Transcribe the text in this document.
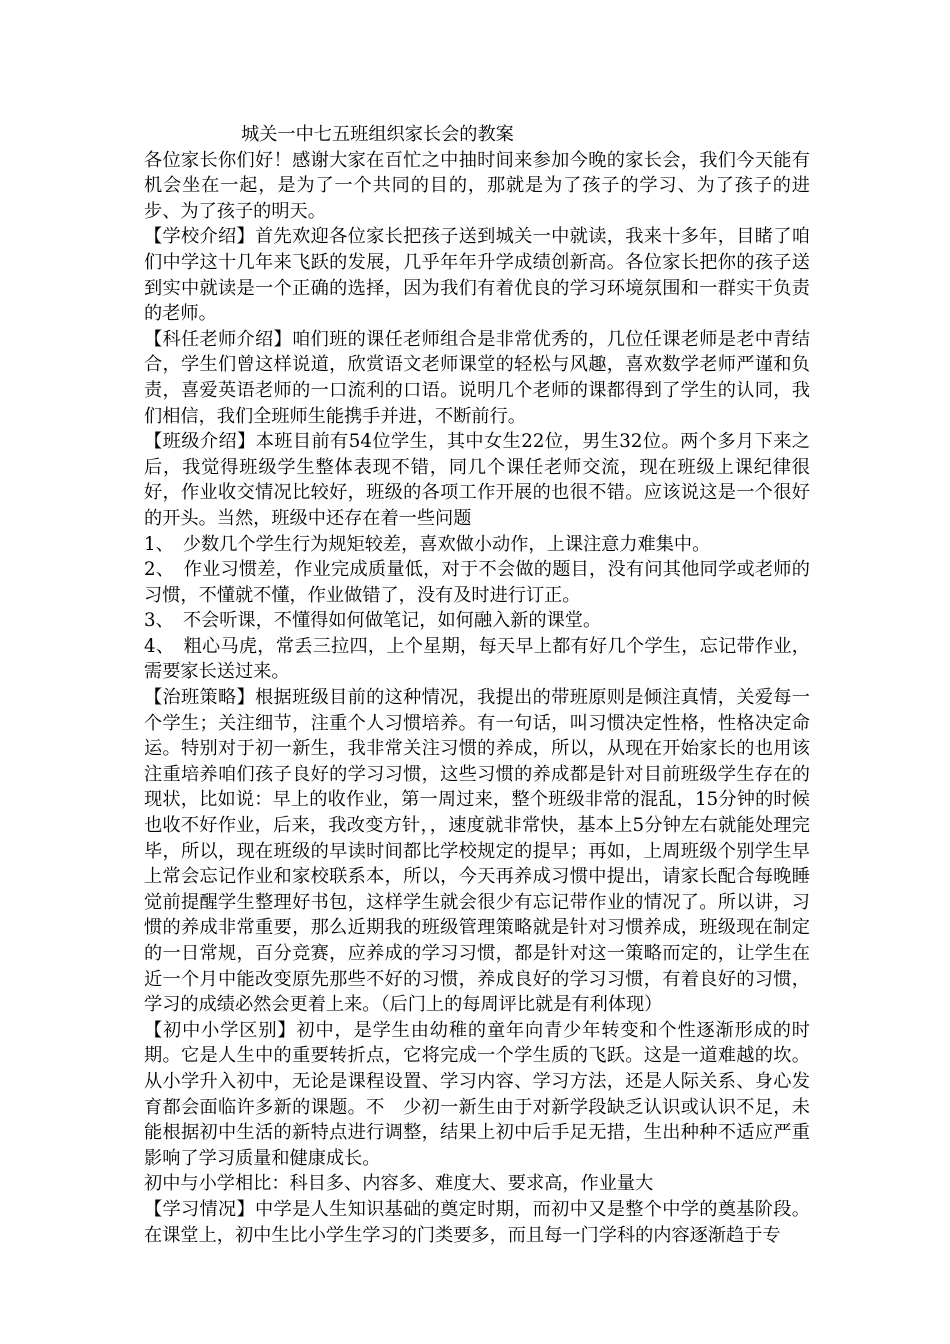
城关一中七五班组织家长会的教案

各位家长你们好！感谢大家在百忙之中抽时间来参加今晚的家长会，我们今天能有机会坐在一起，是为了一个共同的目的，那就是为了孩子的学习、为了孩子的进步、为了孩子的明天。

【学校介绍】首先欢迎各位家长把孩子送到城关一中就读，我来十多年，目睹了咱们中学这十几年来飞跃的发展，几乎年年升学成绩创新高。各位家长把你的孩子送到实中就读是一个正确的选择，因为我们有着优良的学习环境氛围和一群实干负责的老师。

【科任老师介绍】咱们班的课任老师组合是非常优秀的，几位任课老师是老中青结合，学生们曾这样说道，欣赏语文老师课堂的轻松与风趣，喜欢数学老师严谨和负责，喜爱英语老师的一口流利的口语。说明几个老师的课都得到了学生的认同，我们相信，我们全班师生能携手并进，不断前行。

【班级介绍】本班目前有54位学生，其中女生22位，男生32位。两个多月下来之后，我觉得班级学生整体表现不错，同几个课任老师交流，现在班级上课纪律很好，作业收交情况比较好，班级的各项工作开展的也很不错。应该说这是一个很好的开头。当然，班级中还存在着一些问题

1、　少数几个学生行为规矩较差，喜欢做小动作，上课注意力难集中。

2、　作业习惯差，作业完成质量低，对于不会做的题目，没有问其他同学或老师的习惯，不懂就不懂，作业做错了，没有及时进行订正。

3、　不会听课，不懂得如何做笔记，如何融入新的课堂。

4、　粗心马虎，常丢三拉四，上个星期，每天早上都有好几个学生，忘记带作业，需要家长送过来。

【治班策略】根据班级目前的这种情况，我提出的带班原则是倾注真情，关爱每一个学生；关注细节，注重个人习惯培养。有一句话，叫习惯决定性格，性格决定命运。特别对于初一新生，我非常关注习惯的养成，所以，从现在开始家长的也用该注重培养咱们孩子良好的学习习惯，这些习惯的养成都是针对目前班级学生存在的现状，比如说：早上的收作业，第一周过来，整个班级非常的混乱，15分钟的时候也收不好作业，后来，我改变方针，，速度就非常快，基本上5分钟左右就能处理完毕，所以，现在班级的早读时间都比学校规定的提早；再如，上周班级个别学生早上常会忘记作业和家校联系本，所以，今天再养成习惯中提出，请家长配合每晚睡觉前提醒学生整理好书包，这样学生就会很少有忘记带作业的情况了。所以讲，习惯的养成非常重要，那么近期我的班级管理策略就是针对习惯养成，班级现在制定的一日常规，百分竞赛，应养成的学习习惯，都是针对这一策略而定的，让学生在近一个月中能改变原先那些不好的习惯，养成良好的学习习惯，有着良好的习惯，学习的成绩必然会更着上来。（后门上的每周评比就是有利体现）

【初中小学区别】初中，是学生由幼稚的童年向青少年转变和个性逐渐形成的时期。它是人生中的重要转折点，它将完成一个学生质的飞跃。这是一道难越的坎。从小学升入初中，无论是课程设置、学习内容、学习方法，还是人际关系、身心发育都会面临许多新的课题。不　少初一新生由于对新学段缺乏认识或认识不足，未能根据初中生活的新特点进行调整，结果上初中后手足无措，生出种种不适应严重影响了学习质量和健康成长。

初中与小学相比：科目多、内容多、难度大、要求高，作业量大

【学习情况】中学是人生知识基础的奠定时期，而初中又是整个中学的奠基阶段。在课堂上，初中生比小学生学习的门类要多，而且每一门学科的内容逐渐趋于专
